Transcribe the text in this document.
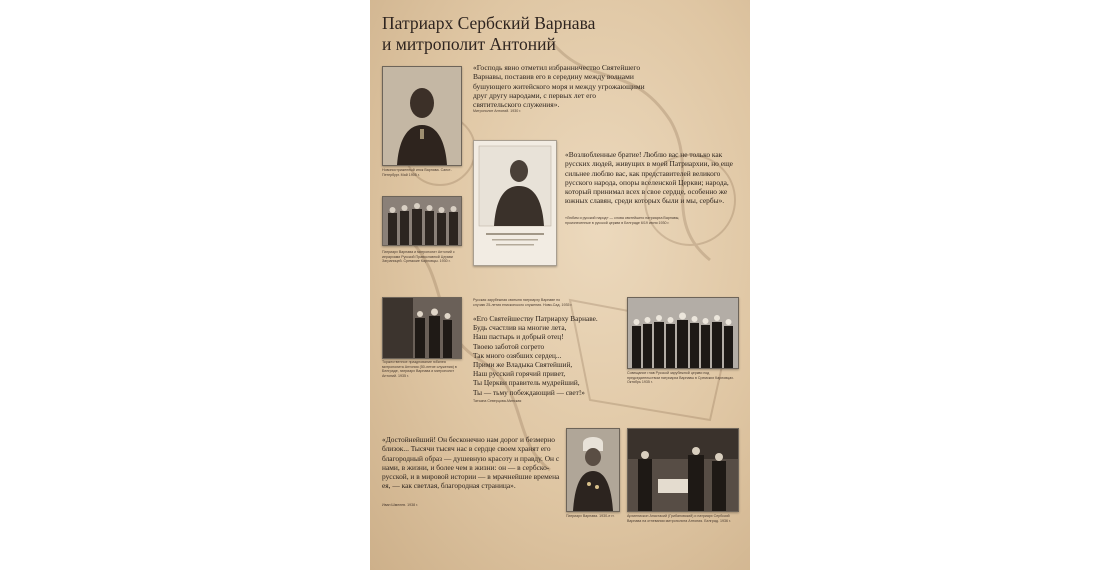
Патриарх Сербский Варнава
и митрополит Антоний
Новопостриженный инок Варнава. Санкт-Петербург. Май 1905 г.
«Господь явно отметил избранничество Святейшего Варнавы, поставив его в середину между волнами бушующего житейского моря и между угрожающими друг другу народами, с первых лет его святительского служения».
Митрополит Антоний. 1930 г.
Патриарх Варнава и митрополит Антоний с иерархами Русской Православной Церкви Заграницей. Сремские Карловцы. 1930 г.
«Возлюбленные братие! Люблю вас не только как русских людей, живущих в моей Патриархии, но еще сильнее люблю вас, как представителей великого русского народа, опоры вселенской Церкви; народа, который принимал всех в свое сердце, особенно же южных славян, среди которых были и мы, сербы».
«Любим и русский народ» — слова святейшего патриарха Варнавы, произнесенные в русской церкви в Белграде 6/19 июня 1930 г.
Русская зарубежная святыня патриарху Варнаве по случаю 25-летия епископского служения. Нови-Сад. 1935 г.
Торжественное празднование юбилея митрополита Антония (50-летие служения) в Белграде, патриарх Варнава и митрополит Антоний. 1935 г.
«Его Святейшеству Патриарху Варнаве.
Будь счастлив на многие лета,
Наш пастырь и добрый отец!
Твоею заботой согрето
Так много озябших сердец...
Прими же Владыка Святейший,
Наш русский горячий привет,
Ты Церкви правитель мудрейший,
Ты — тьму побеждающий — свет!»
Татьяна Северцова-Минская
Совещание глав Русской зарубежной церкви под председательством патриарха Варнавы в Сремских Карловцах. Октябрь 1935 г.
«Достойнейший! Он бесконечно нам дорог и безмерно близок... Тысячи тысяч нас в сердце своем хранят его благородный образ — душевную красоту и правду. Он с нами, в жизни, и более чем в жизни: он — в сербско-русской, и в мировой истории — в мрачнейшие времена ея, — как светлая, благородная страница».
Иван Шмелев. 1938 г.
Патриарх Варнава. 1930-е гг.	Архиепископ Анастасий (Грибановский) и патриарх Сербский Варнава на отпевании митрополита Антония. Белград. 1936 г.
